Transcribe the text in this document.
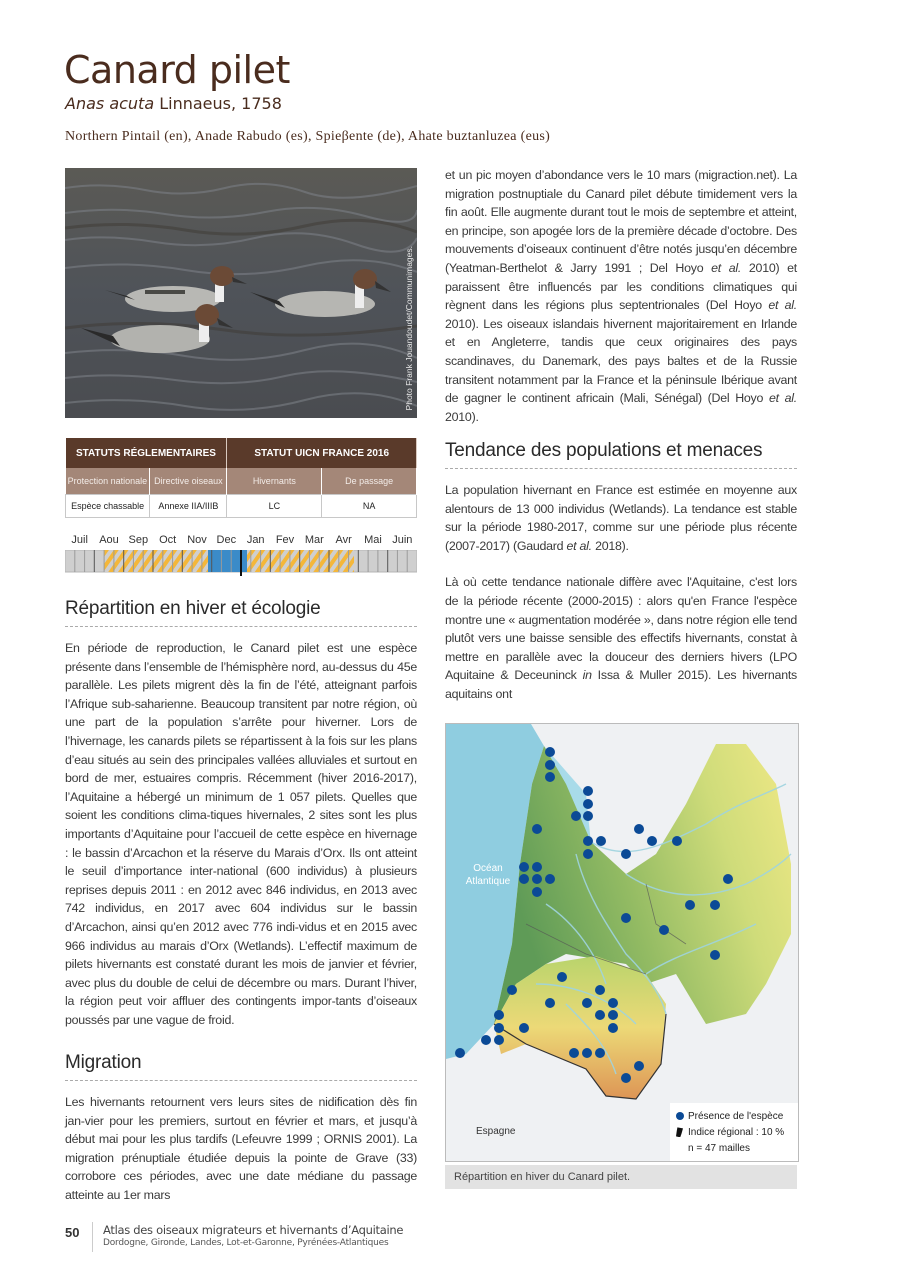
Canard pilet
Anas acuta Linnaeus, 1758
Northern Pintail (en), Anade Rabudo (es), Spieβente (de), Ahate buztanluzea (eus)
Photo Frank Jouandoudet/Communimages.
STATUTS RÉGLEMENTAIRES		STATUT UICN FRANCE 2016	
Protection nationale	Directive oiseaux	Hivernants	De passage
Espèce chassable	Annexe IIA/IIIB	LC	NA
Juil Aou Sep Oct Nov Dec Jan Fev Mar Avr Mai Juin
Répartition en hiver et écologie

En période de reproduction, le Canard pilet est une espèce présente dans l’ensemble de l’hémisphère nord, au-dessus du 45e parallèle. Les pilets migrent dès la fin de l’été, atteignant parfois l’Afrique sub-saharienne. Beaucoup transitent par notre région, où une part de la population s’arrête pour hiverner. Lors de l’hivernage, les canards pilets se répartissent à la fois sur les plans d’eau situés au sein des principales vallées alluviales et surtout en bord de mer, estuaires compris. Récemment (hiver 2016-2017), l’Aquitaine a hébergé un minimum de 1 057 pilets. Quelles que soient les conditions clima-tiques hivernales, 2 sites sont les plus importants d’Aquitaine pour l’accueil de cette espèce en hivernage : le bassin d’Arcachon et la réserve du Marais d’Orx. Ils ont atteint le seuil d’importance inter-national (600 individus) à plusieurs reprises depuis 2011 : en 2012 avec 846 individus, en 2013 avec 742 individus, en 2017 avec 604 individus sur le bassin d’Arcachon, ainsi qu’en 2012 avec 776 indi-vidus et en 2015 avec 966 individus au marais d’Orx (Wetlands). L’effectif maximum de pilets hivernants est constaté durant les mois de janvier et février, avec plus du double de celui de décembre ou mars. Durant l’hiver, la région peut voir affluer des contingents impor-tants d’oiseaux poussés par une vague de froid.

Migration

Les hivernants retournent vers leurs sites de nidification dès fin jan-vier pour les premiers, surtout en février et mars, et jusqu’à début mai pour les plus tardifs (Lefeuvre 1999 ; ORNIS 2001). La migration prénuptiale étudiée depuis la pointe de Grave (33) corrobore ces périodes, avec une date médiane du passage atteinte au 1er mars

et un pic moyen d’abondance vers le 10 mars (migraction.net). La migration postnuptiale du Canard pilet débute timidement vers la fin août. Elle augmente durant tout le mois de septembre et atteint, en principe, son apogée lors de la première décade d’octobre. Des mouvements d’oiseaux continuent d’être notés jusqu’en décembre (Yeatman-Berthelot & Jarry 1991 ; Del Hoyo et al. 2010) et paraissent être influencés par les conditions climatiques qui règnent dans les régions plus septentrionales (Del Hoyo et al. 2010). Les oiseaux islandais hivernent majoritairement en Irlande et en Angleterre, tandis que ceux originaires des pays scandinaves, du Danemark, des pays baltes et de la Russie transitent notamment par la France et la péninsule Ibérique avant de gagner le continent africain (Mali, Sénégal) (Del Hoyo et al. 2010).

Tendance des populations et menaces

La population hivernant en France est estimée en moyenne aux alentours de 13 000 individus (Wetlands). La tendance est stable sur la période 1980-2017, comme sur une période plus récente (2007-2017) (Gaudard et al. 2018).

Là où cette tendance nationale diffère avec l'Aquitaine, c'est lors de la période récente (2000-2015) : alors qu'en France l'espèce montre une « augmentation modérée », dans notre région elle tend plutôt vers une baisse sensible des effectifs hivernants, constat à mettre en parallèle avec la douceur des derniers hivers (LPO Aquitaine & Deceuninck in Issa & Muller 2015). Les hivernants aquitains ont

Océan
Atlantique
Espagne
Présence de l'espèce
Indice régional : 10 %
n = 47 mailles
Répartition en hiver du Canard pilet.
50 Atlas des oiseaux migrateurs et hivernants d’Aquitaine
Dordogne, Gironde, Landes, Lot-et-Garonne, Pyrénées-Atlantiques
